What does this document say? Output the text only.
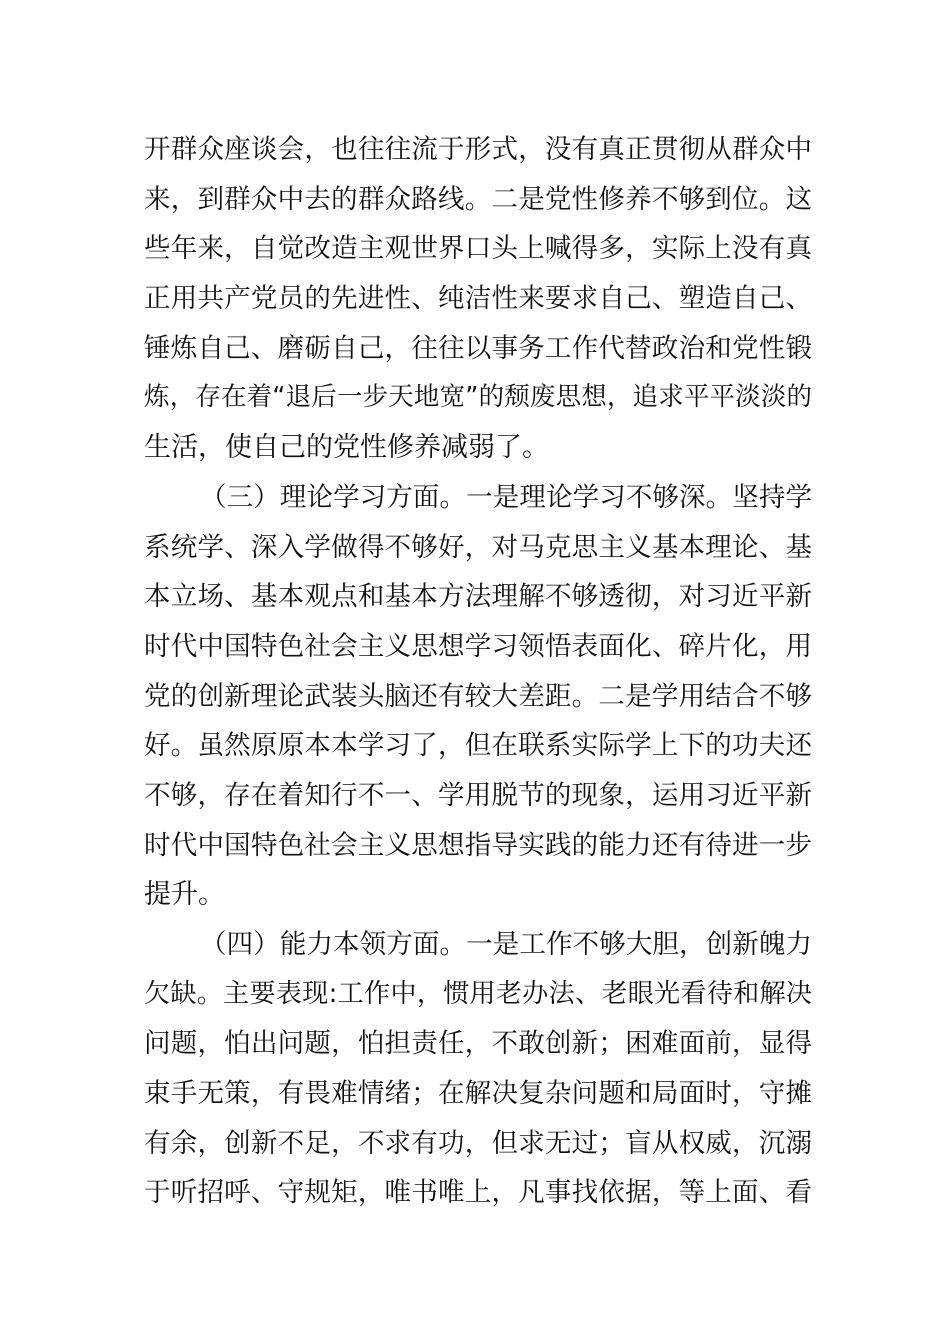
开群众座谈会，也往往流于形式，没有真正贯彻从群众中
来，到群众中去的群众路线。二是党性修养不够到位。这
些年来，自觉改造主观世界口头上喊得多，实际上没有真
正用共产党员的先进性、纯洁性来要求自己、塑造自己、
锤炼自己、磨砺自己，往往以事务工作代替政治和党性锻
炼，存在着“退后一步天地宽”的颓废思想，追求平平淡淡的
生活，使自己的党性修养减弱了。
（三）理论学习方面。一是理论学习不够深。坚持学
系统学、深入学做得不够好，对马克思主义基本理论、基
本立场、基本观点和基本方法理解不够透彻，对习近平新
时代中国特色社会主义思想学习领悟表面化、碎片化，用
党的创新理论武装头脑还有较大差距。二是学用结合不够
好。虽然原原本本学习了，但在联系实际学上下的功夫还
不够，存在着知行不一、学用脱节的现象，运用习近平新
时代中国特色社会主义思想指导实践的能力还有待进一步
提升。
（四）能力本领方面。一是工作不够大胆，创新魄力
欠缺。主要表现:工作中，惯用老办法、老眼光看待和解决
问题，怕出问题，怕担责任，不敢创新；困难面前，显得
束手无策，有畏难情绪；在解决复杂问题和局面时，守摊
有余，创新不足，不求有功，但求无过；盲从权威，沉溺
于听招呼、守规矩，唯书唯上，凡事找依据，等上面、看
